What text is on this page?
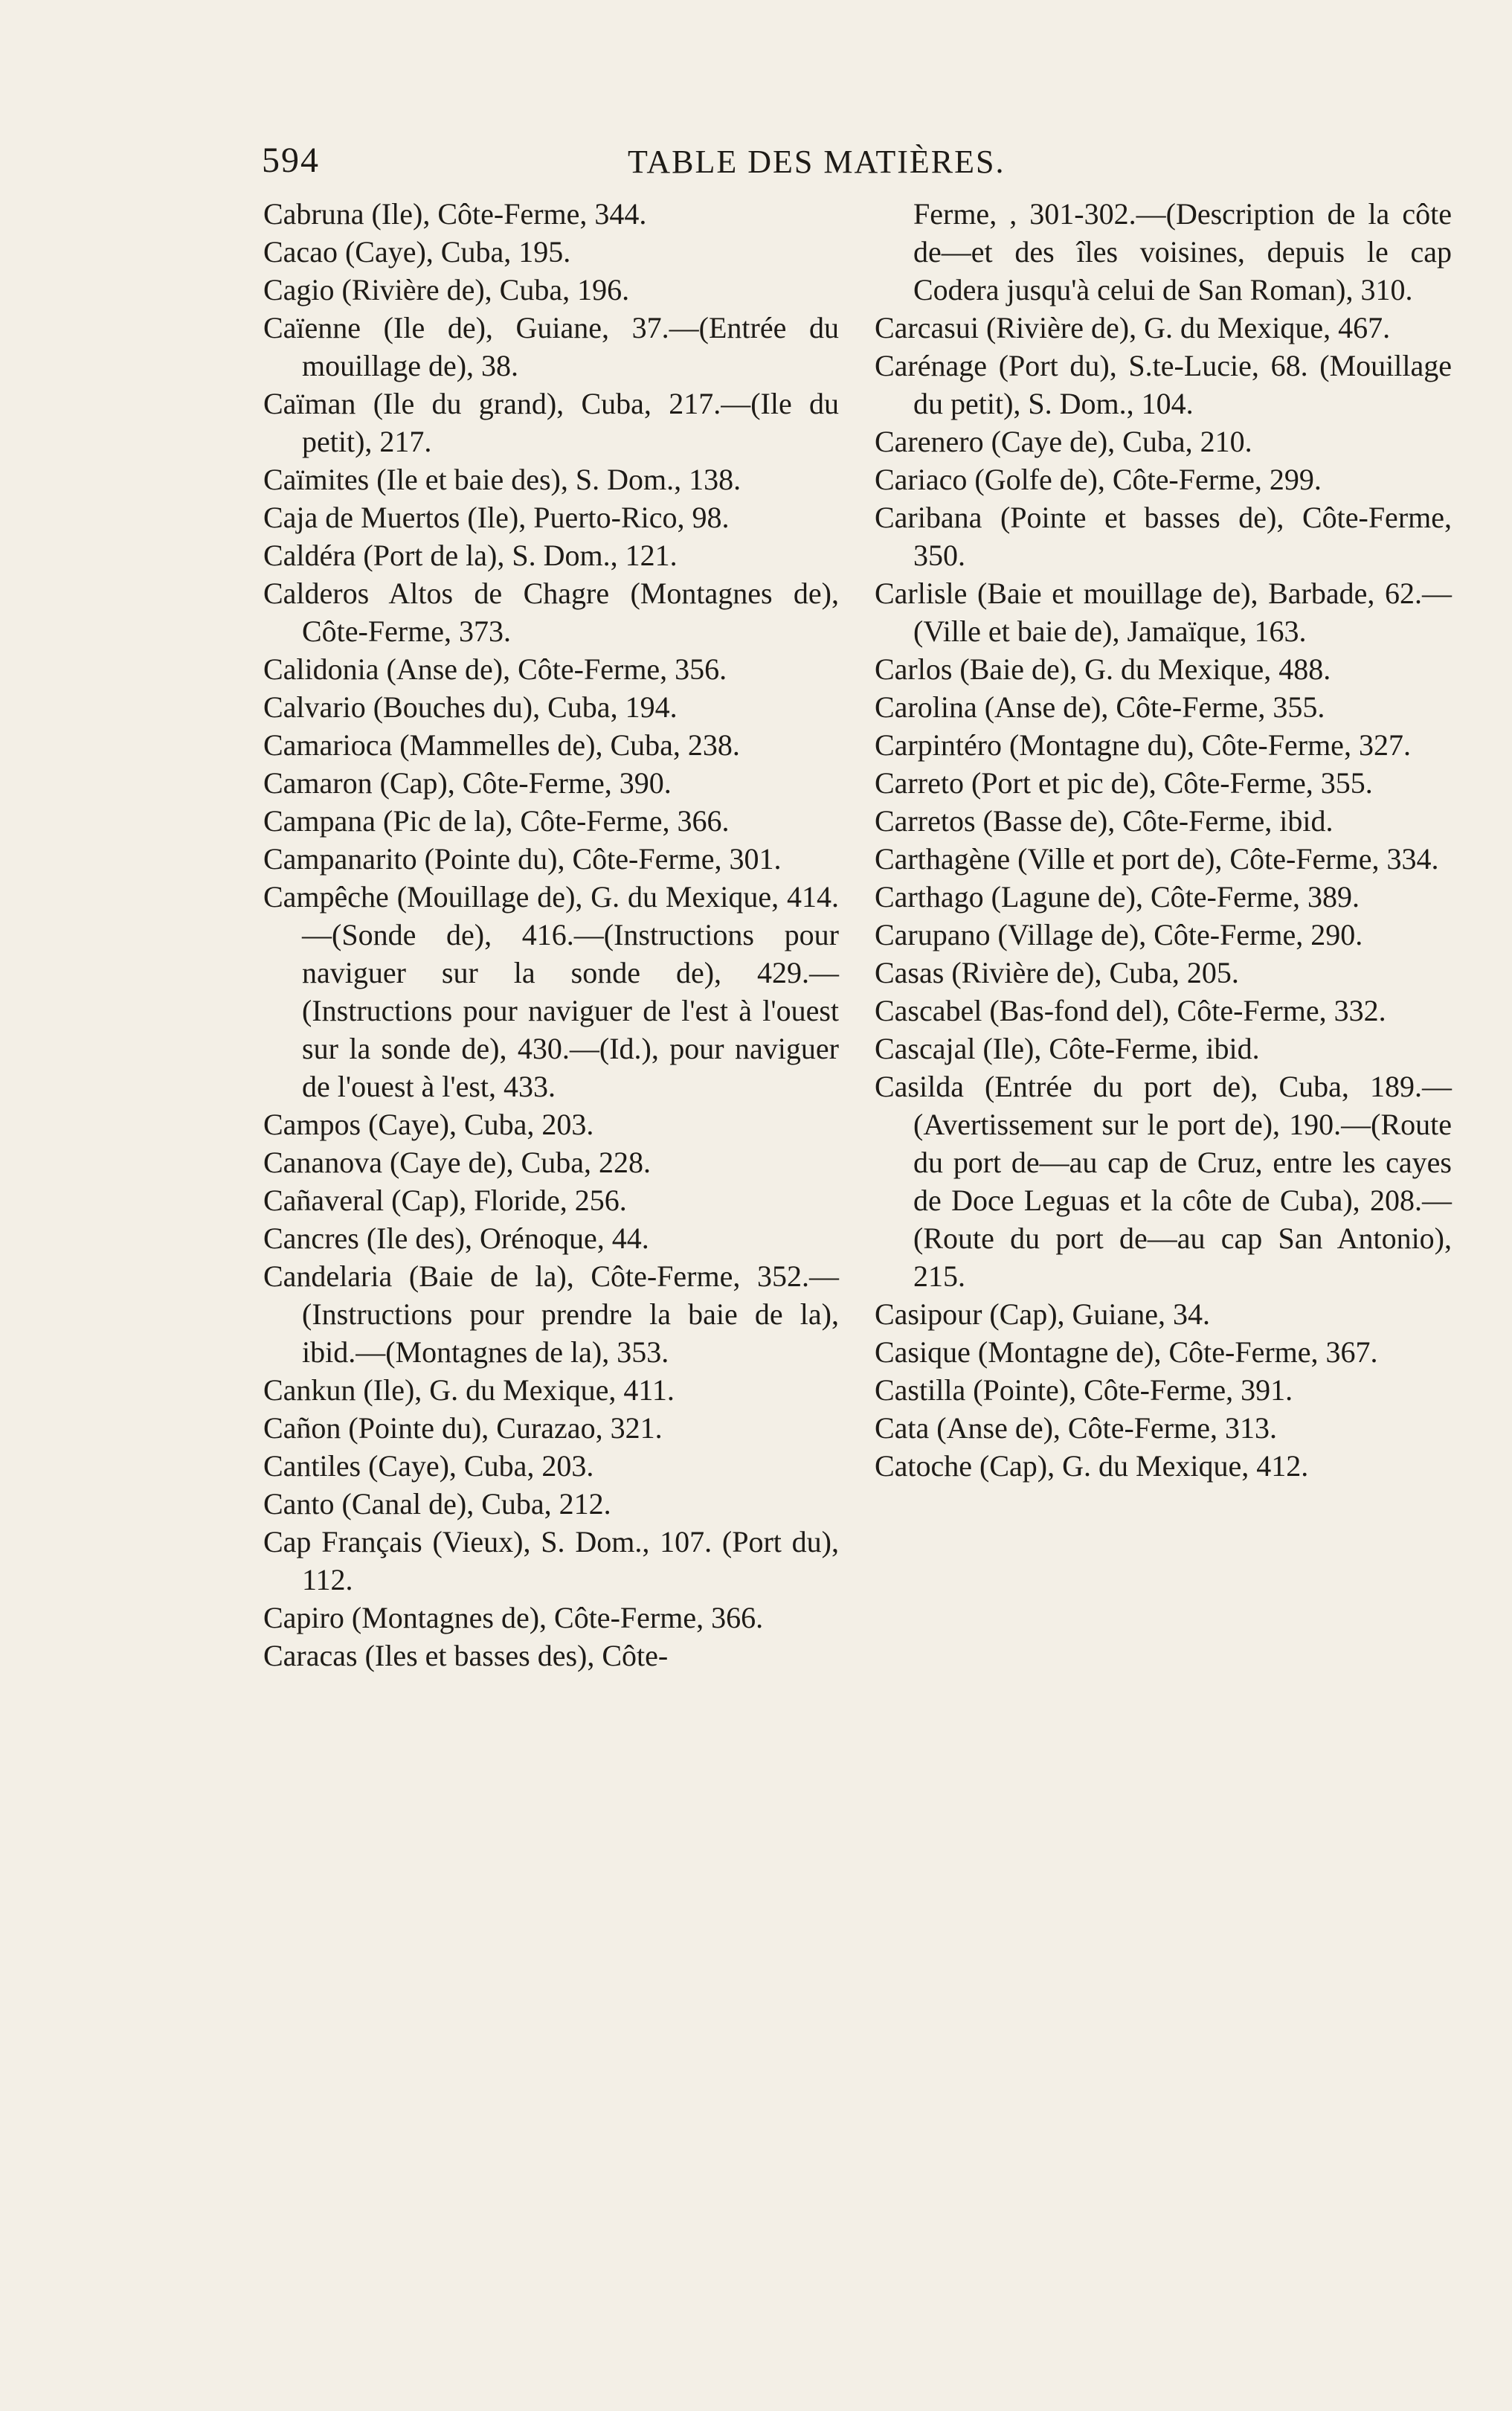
594	TABLE DES MATIÈRES.

Cabruna (Ile), Côte-Ferme, 344.

Cacao (Caye), Cuba, 195.

Cagio (Rivière de), Cuba, 196.

Caïenne (Ile de), Guiane, 37.—(Entrée du mouillage de), 38.

Caïman (Ile du grand), Cuba, 217.—(Ile du petit), 217.

Caïmites (Ile et baie des), S. Dom., 138.

Caja de Muertos (Ile), Puerto-Rico, 98.

Caldéra (Port de la), S. Dom., 121.

Calderos Altos de Chagre (Montagnes de), Côte-Ferme, 373.

Calidonia (Anse de), Côte-Ferme, 356.

Calvario (Bouches du), Cuba, 194.

Camarioca (Mammelles de), Cuba, 238.

Camaron (Cap), Côte-Ferme, 390.

Campana (Pic de la), Côte-Ferme, 366.

Campanarito (Pointe du), Côte-Ferme, 301.

Campêche (Mouillage de), G. du Mexique, 414.—(Sonde de), 416.—(Instructions pour naviguer sur la sonde de), 429.—(Instructions pour naviguer de l'est à l'ouest sur la sonde de), 430.—(Id.), pour naviguer de l'ouest à l'est, 433.

Campos (Caye), Cuba, 203.

Cananova (Caye de), Cuba, 228.

Cañaveral (Cap), Floride, 256.

Cancres (Ile des), Orénoque, 44.

Candelaria (Baie de la), Côte-Ferme, 352.—(Instructions pour prendre la baie de la), ibid.—(Montagnes de la), 353.

Cankun (Ile), G. du Mexique, 411.

Cañon (Pointe du), Curazao, 321.

Cantiles (Caye), Cuba, 203.

Canto (Canal de), Cuba, 212.

Cap Français (Vieux), S. Dom., 107. (Port du), 112.

Capiro (Montagnes de), Côte-Ferme, 366.

Caracas (Iles et basses des), Côte-

Ferme, , 301-302.—(Description de la côte de—et des îles voisines, depuis le cap Codera jusqu'à celui de San Roman), 310.

Carcasui (Rivière de), G. du Mexique, 467.

Carénage (Port du), S.te-Lucie, 68. (Mouillage du petit), S. Dom., 104.

Carenero (Caye de), Cuba, 210.

Cariaco (Golfe de), Côte-Ferme, 299.

Caribana (Pointe et basses de), Côte-Ferme, 350.

Carlisle (Baie et mouillage de), Barbade, 62.—(Ville et baie de), Jamaïque, 163.

Carlos (Baie de), G. du Mexique, 488.

Carolina (Anse de), Côte-Ferme, 355.

Carpintéro (Montagne du), Côte-Ferme, 327.

Carreto (Port et pic de), Côte-Ferme, 355.

Carretos (Basse de), Côte-Ferme, ibid.

Carthagène (Ville et port de), Côte-Ferme, 334.

Carthago (Lagune de), Côte-Ferme, 389.

Carupano (Village de), Côte-Ferme, 290.

Casas (Rivière de), Cuba, 205.

Cascabel (Bas-fond del), Côte-Ferme, 332.

Cascajal (Ile), Côte-Ferme, ibid.

Casilda (Entrée du port de), Cuba, 189.—(Avertissement sur le port de), 190.—(Route du port de—au cap de Cruz, entre les cayes de Doce Leguas et la côte de Cuba), 208.—(Route du port de—au cap San Antonio), 215.

Casipour (Cap), Guiane, 34.

Casique (Montagne de), Côte-Ferme, 367.

Castilla (Pointe), Côte-Ferme, 391.

Cata (Anse de), Côte-Ferme, 313.

Catoche (Cap), G. du Mexique, 412.
